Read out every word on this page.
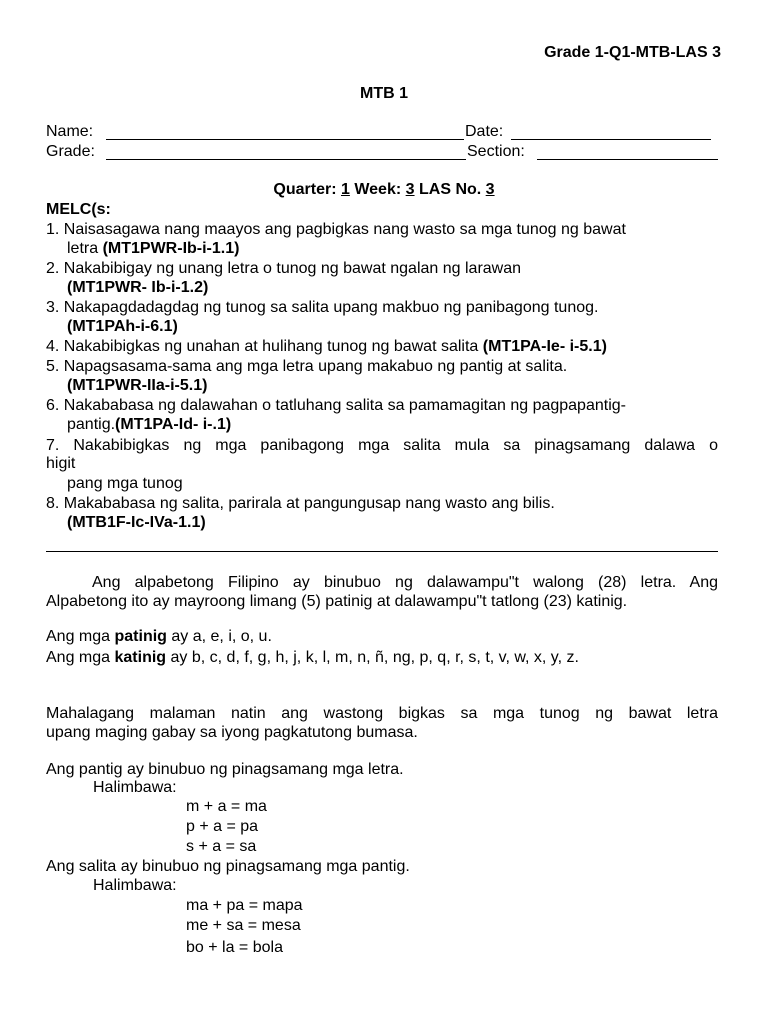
Grade 1-Q1-MTB-LAS 3
MTB 1
Name:	Date:
Grade:	Section:
Quarter: 1 Week: 3 LAS No. 3
MELC(s:
1. Naisasagawa nang maayos ang pagbigkas nang wasto sa mga tunog ng bawat
letra (MT1PWR-Ib-i-1.1)
2. Nakabibigay ng unang letra o tunog ng bawat ngalan ng larawan
(MT1PWR- Ib-i-1.2)
3. Nakapagdadagdag ng tunog sa salita upang makbuo ng panibagong tunog.
(MT1PAh-i-6.1)
4. Nakabibigkas ng unahan at hulihang tunog ng bawat salita (MT1PA-Ie- i-5.1)
5. Napagsasama-sama ang mga letra upang makabuo ng pantig at salita.
(MT1PWR-IIa-i-5.1)
6. Nakababasa ng dalawahan o tatluhang salita sa pamamagitan ng pagpapantig-
pantig.(MT1PA-Id- i-.1)
7. Nakabibigkas ng mga panibagong mga salita mula sa pinagsamang dalawa o
higit
pang mga tunog
8. Makababasa ng salita, parirala at pangungusap nang wasto ang bilis.
(MTB1F-Ic-IVa-1.1)
Ang alpabetong Filipino ay binubuo ng dalawampu"t walong (28) letra. Ang
Alpabetong ito ay mayroong limang (5) patinig at dalawampu"t tatlong (23) katinig.
Ang mga patinig ay a, e, i, o, u.
Ang mga katinig ay b, c, d, f, g, h, j, k, l, m, n, ñ, ng, p, q, r, s, t, v, w, x, y, z.
Mahalagang malaman natin ang wastong bigkas sa mga tunog ng bawat letra
upang maging gabay sa iyong pagkatutong bumasa.
Ang pantig ay binubuo ng pinagsamang mga letra.
Halimbawa:
m + a = ma
p + a = pa
s + a = sa
Ang salita ay binubuo ng pinagsamang mga pantig.
Halimbawa:
ma + pa = mapa
me + sa = mesa
bo + la = bola
